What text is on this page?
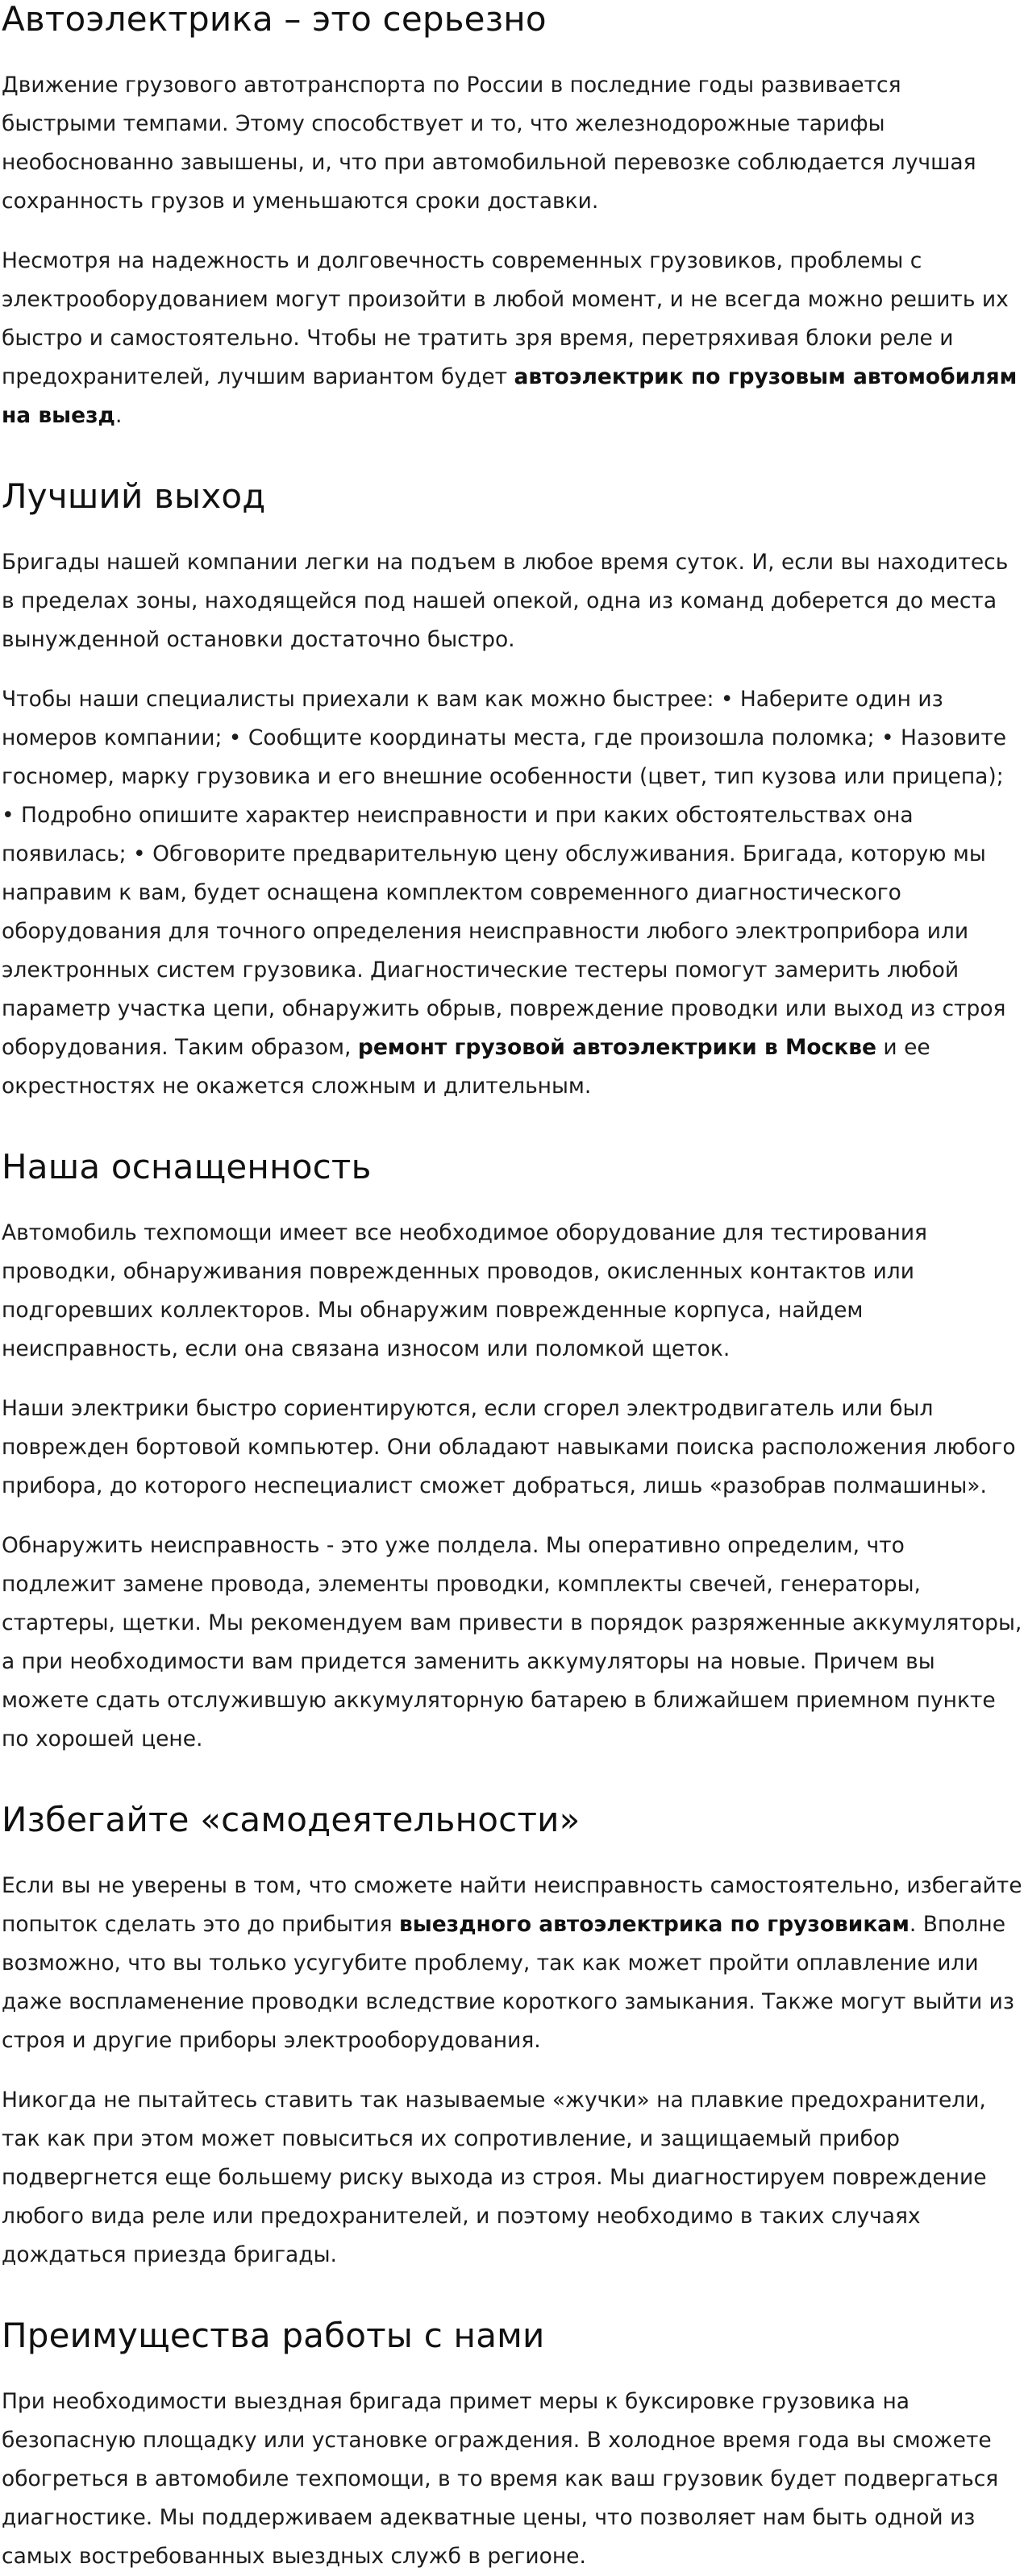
Автоэлектрика – это серьезно

Движение грузового автотранспорта по России в последние годы развивается быстрыми темпами. Этому способствует и то, что железнодорожные тарифы необоснованно завышены, и, что при автомобильной перевозке соблюдается лучшая сохранность грузов и уменьшаются сроки доставки.

Несмотря на надежность и долговечность современных грузовиков, проблемы с электрооборудованием могут произойти в любой момент, и не всегда можно решить их быстро и самостоятельно. Чтобы не тратить зря время, перетряхивая блоки реле и предохранителей, лучшим вариантом будет автоэлектрик по грузовым автомобилям на выезд.

Лучший выход

Бригады нашей компании легки на подъем в любое время суток. И, если вы находитесь в пределах зоны, находящейся под нашей опекой, одна из команд доберется до места вынужденной остановки достаточно быстро.

Чтобы наши специалисты приехали к вам как можно быстрее: • Наберите один из номеров компании; • Сообщите координаты места, где произошла поломка; • Назовите госномер, марку грузовика и его внешние особенности (цвет, тип кузова или прицепа); • Подробно опишите характер неисправности и при каких обстоятельствах она появилась; • Обговорите предварительную цену обслуживания. Бригада, которую мы направим к вам, будет оснащена комплектом современного диагностического оборудования для точного определения неисправности любого электроприбора или электронных систем грузовика. Диагностические тестеры помогут замерить любой параметр участка цепи, обнаружить обрыв, повреждение проводки или выход из строя оборудования. Таким образом, ремонт грузовой автоэлектрики в Москве и ее окрестностях не окажется сложным и длительным.

Наша оснащенность

Автомобиль техпомощи имеет все необходимое оборудование для тестирования проводки, обнаруживания поврежденных проводов, окисленных контактов или подгоревших коллекторов. Мы обнаружим поврежденные корпуса, найдем неисправность, если она связана износом или поломкой щеток.

Наши электрики быстро сориентируются, если сгорел электродвигатель или был поврежден бортовой компьютер. Они обладают навыками поиска расположения любого прибора, до которого неспециалист сможет добраться, лишь «разобрав полмашины».

Обнаружить неисправность - это уже полдела. Мы оперативно определим, что подлежит замене провода, элементы проводки, комплекты свечей, генераторы, стартеры, щетки. Мы рекомендуем вам привести в порядок разряженные аккумуляторы, а при необходимости вам придется заменить аккумуляторы на новые. Причем вы можете сдать отслужившую аккумуляторную батарею в ближайшем приемном пункте по хорошей цене.

Избегайте «самодеятельности»

Если вы не уверены в том, что сможете найти неисправность самостоятельно, избегайте попыток сделать это до прибытия выездного автоэлектрика по грузовикам. Вполне возможно, что вы только усугубите проблему, так как может пройти оплавление или даже воспламенение проводки вследствие короткого замыкания. Также могут выйти из строя и другие приборы электрооборудования.

Никогда не пытайтесь ставить так называемые «жучки» на плавкие предохранители, так как при этом может повыситься их сопротивление, и защищаемый прибор подвергнется еще большему риску выхода из строя. Мы диагностируем повреждение любого вида реле или предохранителей, и поэтому необходимо в таких случаях дождаться приезда бригады.

Преимущества работы с нами

При необходимости выездная бригада примет меры к буксировке грузовика на безопасную площадку или установке ограждения. В холодное время года вы сможете обогреться в автомобиле техпомощи, в то время как ваш грузовик будет подвергаться диагностике. Мы поддерживаем адекватные цены, что позволяет нам быть одной из самых востребованных выездных служб в регионе.
